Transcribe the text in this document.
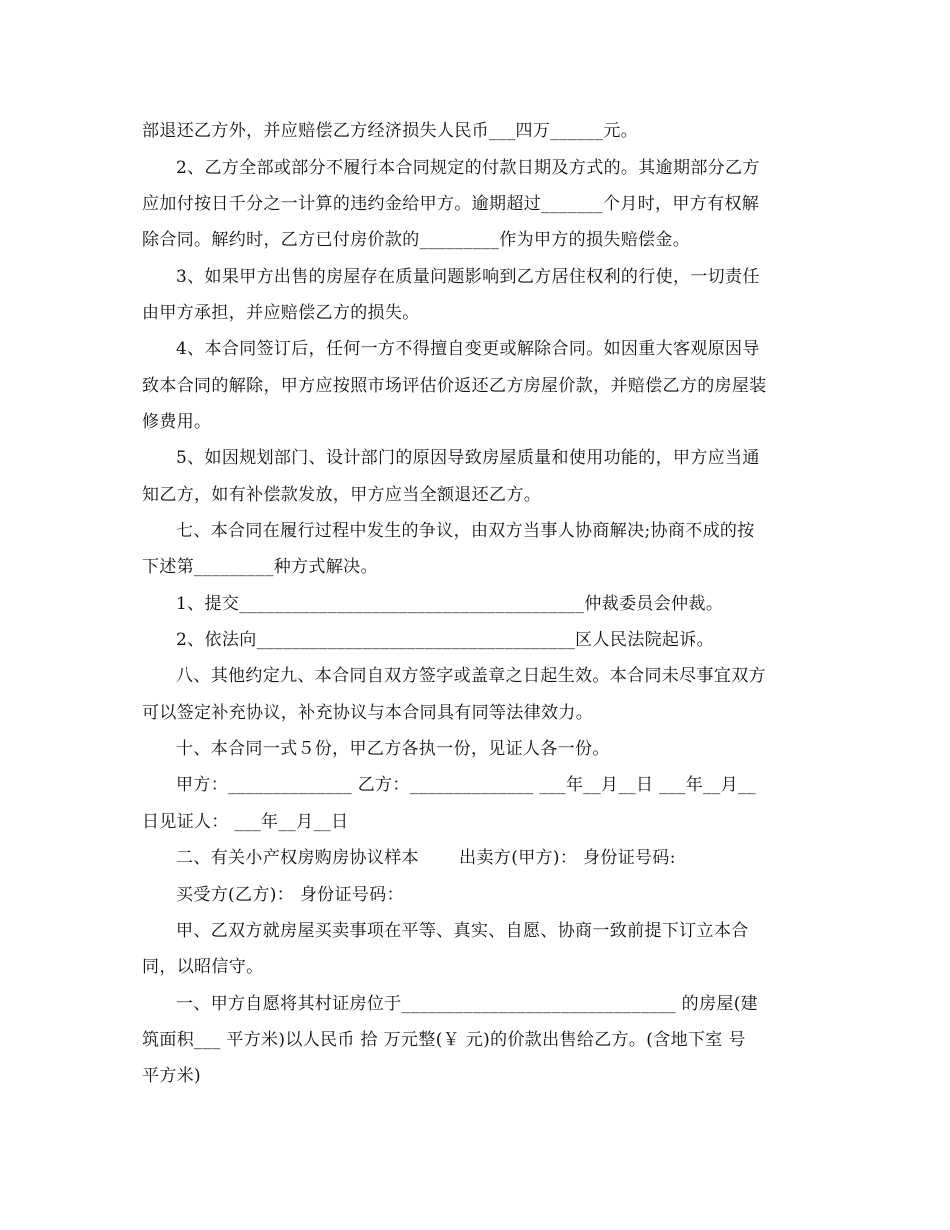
部退还乙方外，并应赔偿乙方经济损失人民币___四万______元。
2、乙方全部或部分不履行本合同规定的付款日期及方式的。其逾期部分乙方
应加付按日千分之一计算的违约金给甲方。逾期超过_______个月时，甲方有权解
除合同。解约时，乙方已付房价款的_________作为甲方的损失赔偿金。
3、如果甲方出售的房屋存在质量问题影响到乙方居住权利的行使，一切责任
由甲方承担，并应赔偿乙方的损失。
4、本合同签订后，任何一方不得擅自变更或解除合同。如因重大客观原因导
致本合同的解除，甲方应按照市场评估价返还乙方房屋价款，并赔偿乙方的房屋装
修费用。
5、如因规划部门、设计部门的原因导致房屋质量和使用功能的，甲方应当通
知乙方，如有补偿款发放，甲方应当全额退还乙方。
七、本合同在履行过程中发生的争议，由双方当事人协商解决;协商不成的按
下述第_________种方式解决。
1、提交_______________________________________仲裁委员会仲裁。
2、依法向____________________________________区人民法院起诉。
八、其他约定九、本合同自双方签字或盖章之日起生效。本合同未尽事宜双方
可以签定补充协议，补充协议与本合同具有同等法律效力。
十、本合同一式５份，甲乙方各执一份，见证人各一份。
甲方：______________ 乙方：______________ ___年__月__日 ___年__月__
日见证人： ___年__月__日
二、有关小产权房购房协议样本       出卖方(甲方)： 身份证号码:
买受方(乙方)： 身份证号码：
甲、乙双方就房屋买卖事项在平等、真实、自愿、协商一致前提下订立本合
同，以昭信守。
一、甲方自愿将其村证房位于_______________________________ 的房屋(建
筑面积___ 平方米)以人民币 拾 万元整(￥ 元)的价款出售给乙方。(含地下室 号
平方米)
